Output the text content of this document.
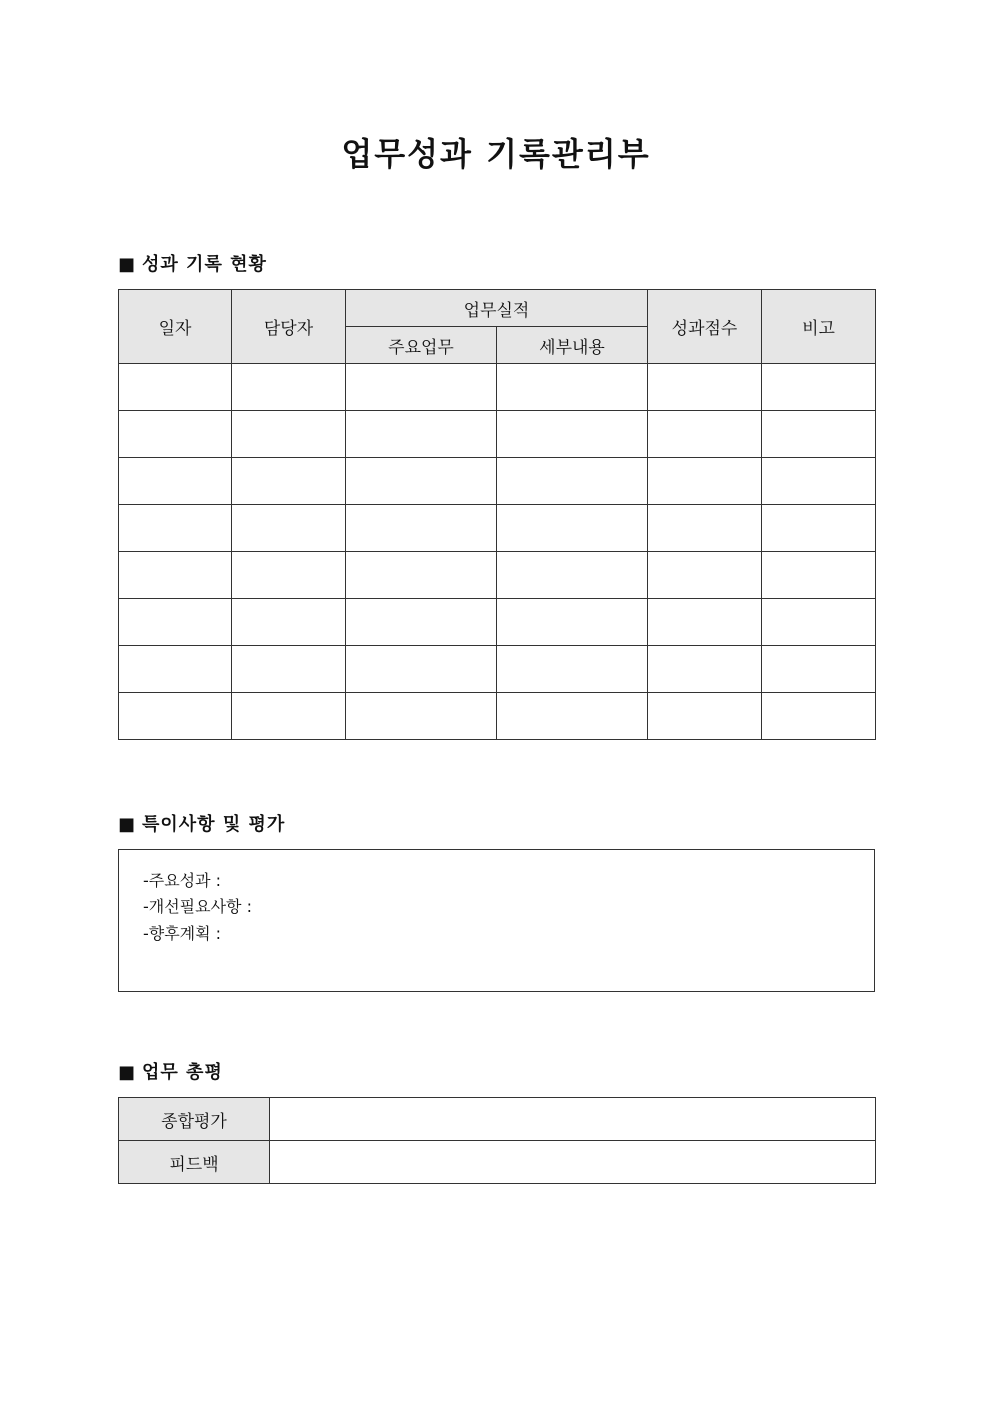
업무성과 기록관리부
■ 성과 기록 현황
일자	담당자	업무실적		성과점수	비고
		주요업무	세부내용		

■ 특이사항 및 평가
-주요성과 :
-개선필요사항 :
-향후계획 :
■ 업무 총평
종합평가	
피드백	
